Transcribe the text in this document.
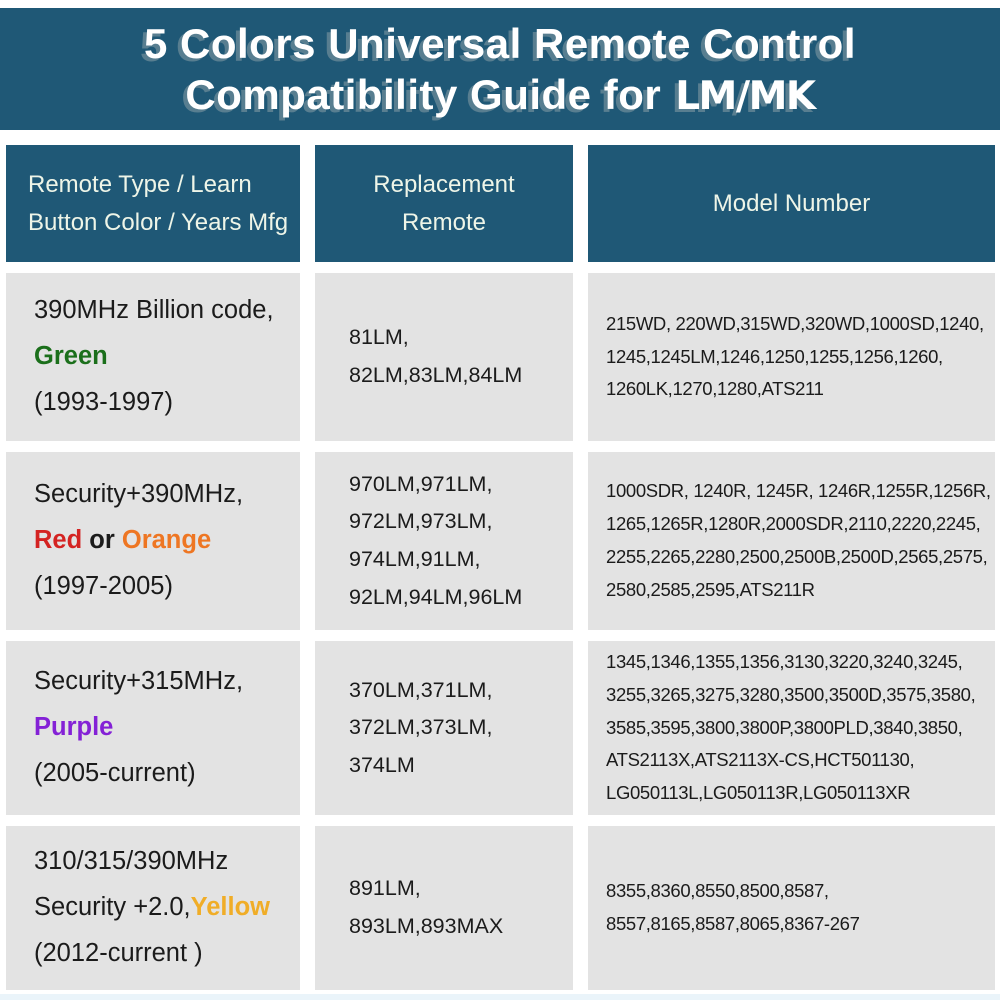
5 Colors Universal Remote Control
Compatibility Guide for LM/MK
Remote Type / Learn
Button Color / Years Mfg
Replacement
Remote
Model Number
390MHz Billion code,
Green
(1993-1997)
81LM,
82LM,83LM,84LM
215WD, 220WD,315WD,320WD,1000SD,1240,
1245,1245LM,1246,1250,1255,1256,1260,
1260LK,1270,1280,ATS211
Security+390MHz,
Red or Orange
(1997-2005)
970LM,971LM,
972LM,973LM,
974LM,91LM,
92LM,94LM,96LM
1000SDR, 1240R, 1245R, 1246R,1255R,1256R,
1265,1265R,1280R,2000SDR,2110,2220,2245,
2255,2265,2280,2500,2500B,2500D,2565,2575,
2580,2585,2595,ATS211R
Security+315MHz,
Purple
(2005-current)
370LM,371LM,
372LM,373LM,
374LM
1345,1346,1355,1356,3130,3220,3240,3245,
3255,3265,3275,3280,3500,3500D,3575,3580,
3585,3595,3800,3800P,3800PLD,3840,3850,
ATS2113X,ATS2113X-CS,HCT501130,
LG050113L,LG050113R,LG050113XR
310/315/390MHz
Security +2.0,Yellow
(2012-current )
891LM,
893LM,893MAX
8355,8360,8550,8500,8587,
8557,8165,8587,8065,8367-267
